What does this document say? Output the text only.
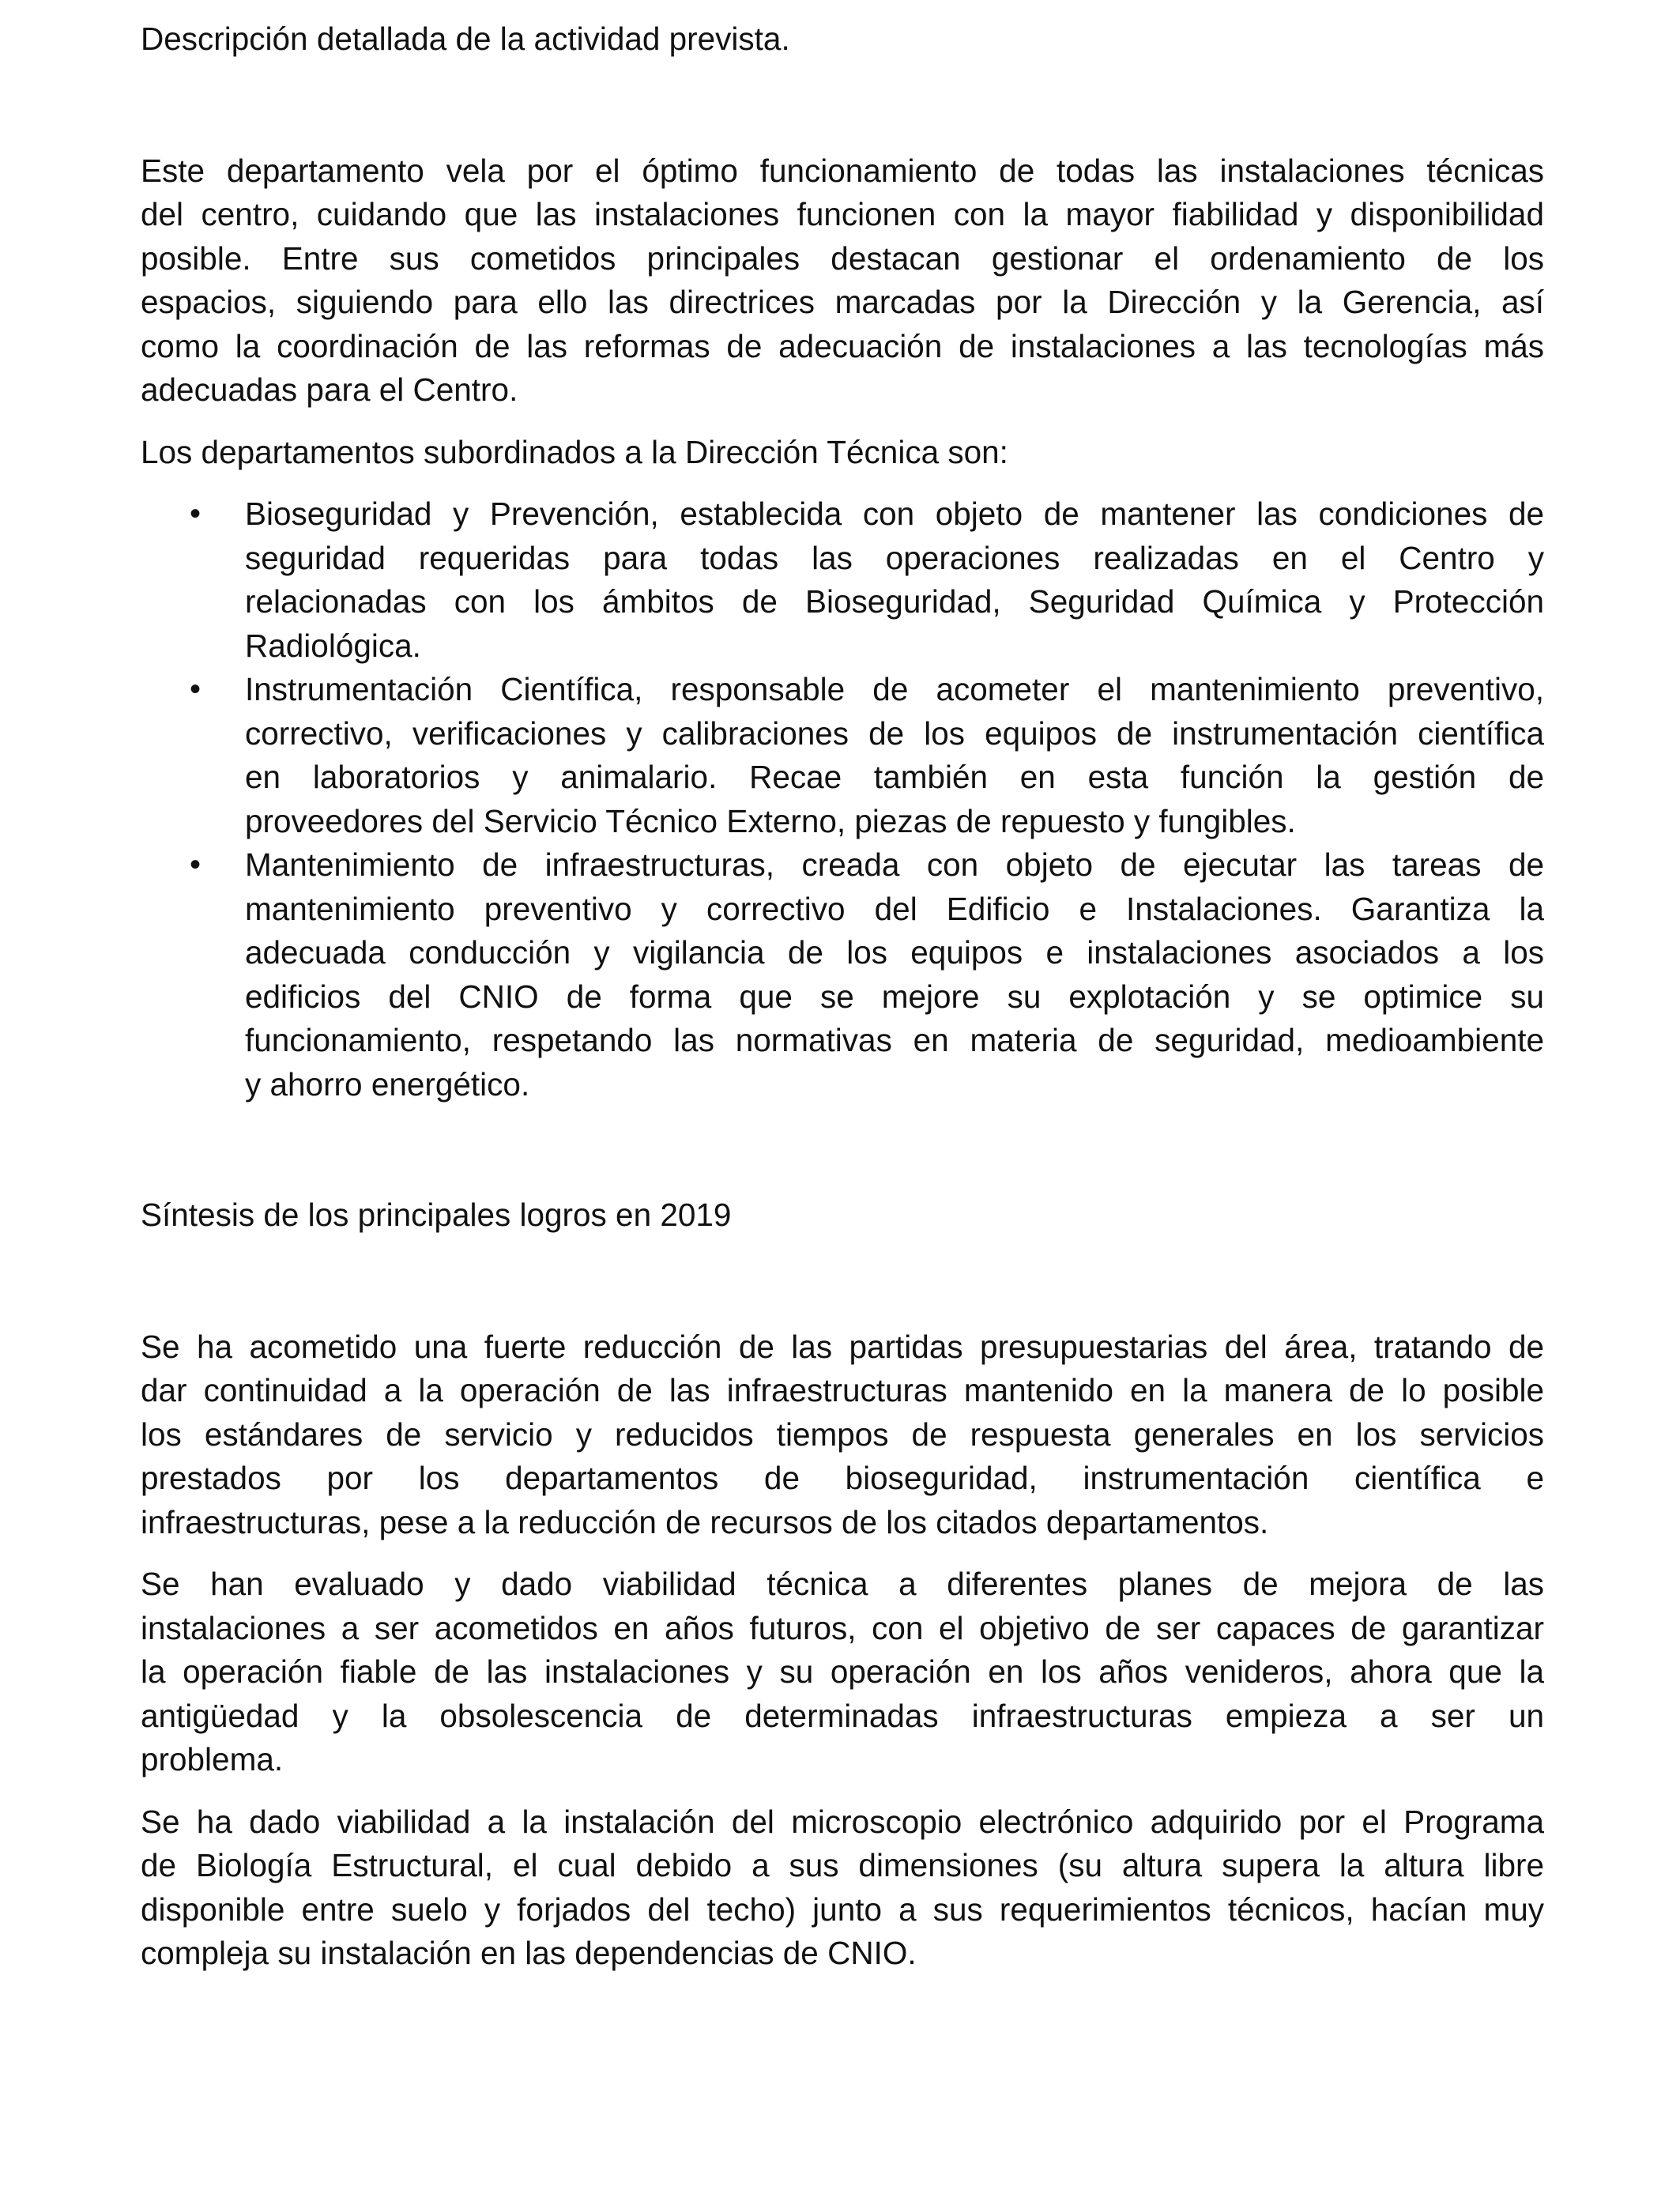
Descripción detallada de la actividad prevista.

Este departamento vela por el óptimo funcionamiento de todas las instalaciones técnicas

del centro, cuidando que las instalaciones funcionen con la mayor fiabilidad y disponibilidad

posible. Entre sus cometidos principales destacan gestionar el ordenamiento de los

espacios, siguiendo para ello las directrices marcadas por la Dirección y la Gerencia, así

como la coordinación de las reformas de adecuación de instalaciones a las tecnologías más

adecuadas para el Centro.

Los departamentos subordinados a la Dirección Técnica son:

• Bioseguridad y Prevención, establecida con objeto de mantener las condiciones de

seguridad requeridas para todas las operaciones realizadas en el Centro y

relacionadas con los ámbitos de Bioseguridad, Seguridad Química y Protección

Radiológica.

• Instrumentación Científica, responsable de acometer el mantenimiento preventivo,

correctivo, verificaciones y calibraciones de los equipos de instrumentación científica

en laboratorios y animalario. Recae también en esta función la gestión de

proveedores del Servicio Técnico Externo, piezas de repuesto y fungibles.

• Mantenimiento de infraestructuras, creada con objeto de ejecutar las tareas de

mantenimiento preventivo y correctivo del Edificio e Instalaciones. Garantiza la

adecuada conducción y vigilancia de los equipos e instalaciones asociados a los

edificios del CNIO de forma que se mejore su explotación y se optimice su

funcionamiento, respetando las normativas en materia de seguridad, medioambiente

y ahorro energético.

Síntesis de los principales logros en 2019

Se ha acometido una fuerte reducción de las partidas presupuestarias del área, tratando de

dar continuidad a la operación de las infraestructuras mantenido en la manera de lo posible

los estándares de servicio y reducidos tiempos de respuesta generales en los servicios

prestados por los departamentos de bioseguridad, instrumentación científica e

infraestructuras, pese a la reducción de recursos de los citados departamentos.

Se han evaluado y dado viabilidad técnica a diferentes planes de mejora de las

instalaciones a ser acometidos en años futuros, con el objetivo de ser capaces de garantizar

la operación fiable de las instalaciones y su operación en los años venideros, ahora que la

antigüedad y la obsolescencia de determinadas infraestructuras empieza a ser un

problema.

Se ha dado viabilidad a la instalación del microscopio electrónico adquirido por el Programa

de Biología Estructural, el cual debido a sus dimensiones (su altura supera la altura libre

disponible entre suelo y forjados del techo) junto a sus requerimientos técnicos, hacían muy

compleja su instalación en las dependencias de CNIO.
